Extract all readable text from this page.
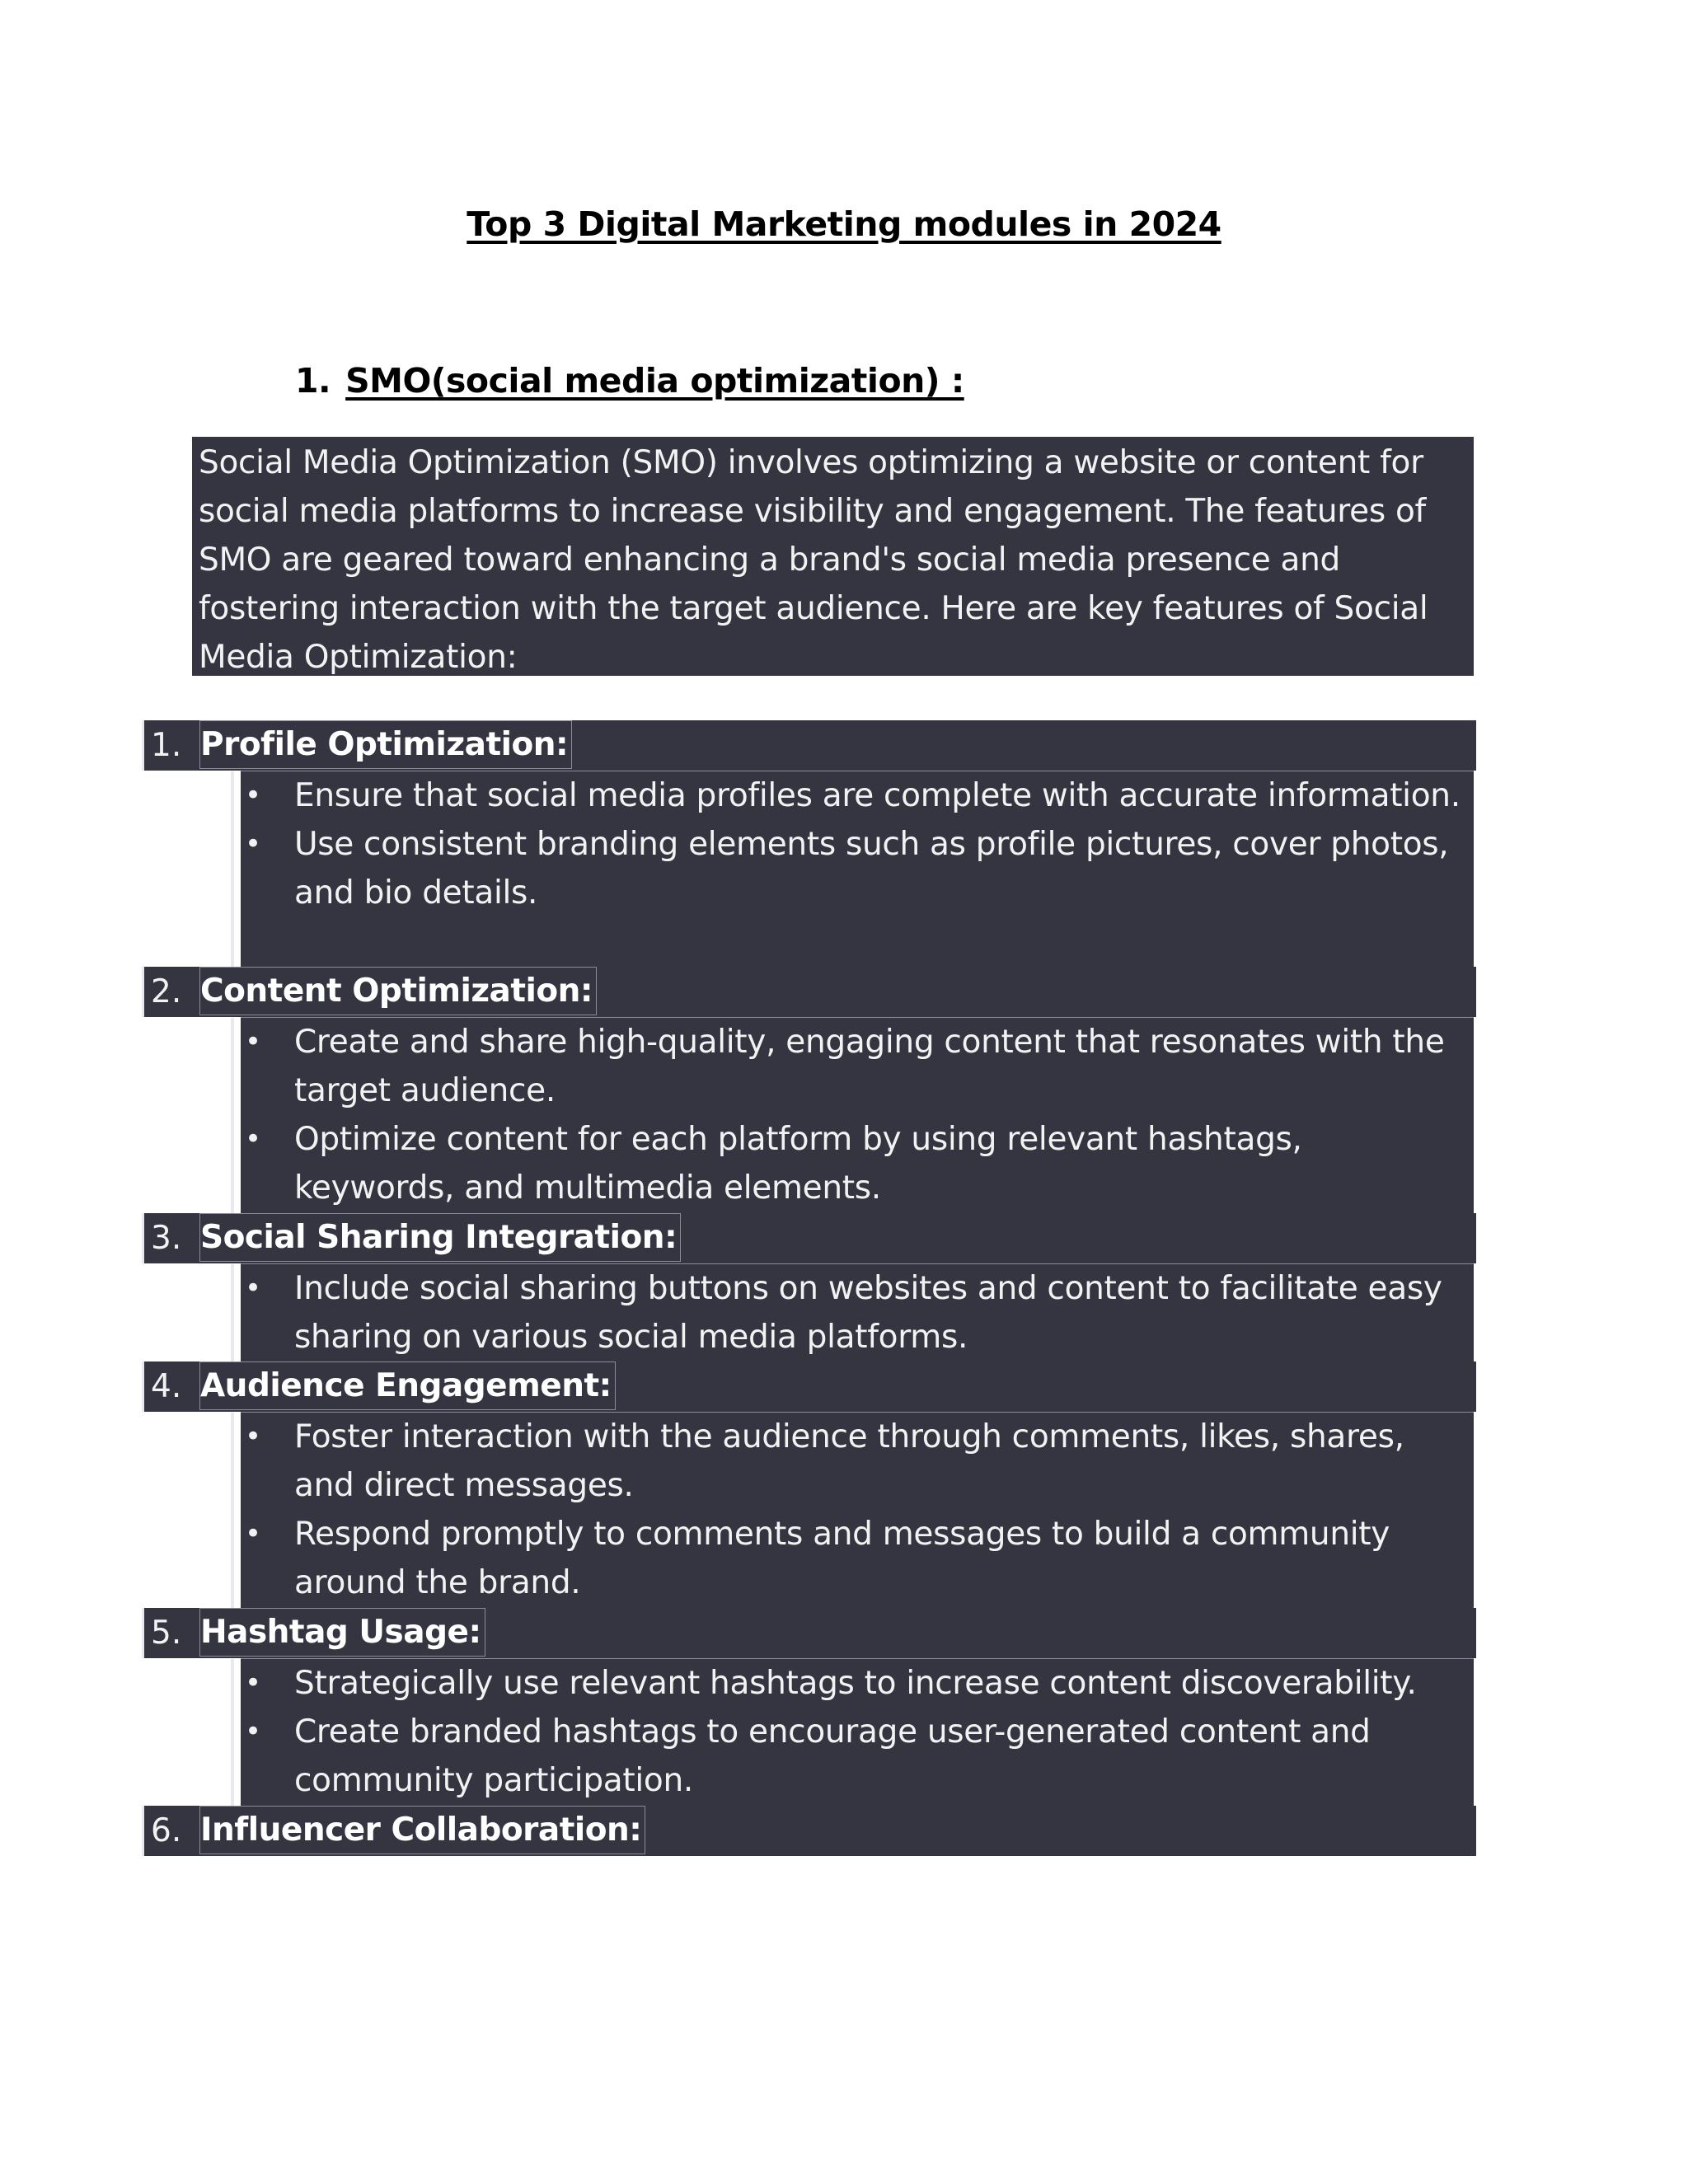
Top 3 Digital Marketing modules in 2024
1. SMO(social media optimization) :
Social Media Optimization (SMO) involves optimizing a website or content for social media platforms to increase visibility and engagement. The features of SMO are geared toward enhancing a brand's social media presence and fostering interaction with the target audience. Here are key features of Social Media Optimization:
1. Profile Optimization:
• Ensure that social media profiles are complete with accurate information.
• Use consistent branding elements such as profile pictures, cover photos, and bio details.
2. Content Optimization:
• Create and share high-quality, engaging content that resonates with the target audience.
• Optimize content for each platform by using relevant hashtags, keywords, and multimedia elements.
3. Social Sharing Integration:
• Include social sharing buttons on websites and content to facilitate easy sharing on various social media platforms.
4. Audience Engagement:
• Foster interaction with the audience through comments, likes, shares, and direct messages.
• Respond promptly to comments and messages to build a community around the brand.
5. Hashtag Usage:
• Strategically use relevant hashtags to increase content discoverability.
• Create branded hashtags to encourage user-generated content and community participation.
6. Influencer Collaboration:
